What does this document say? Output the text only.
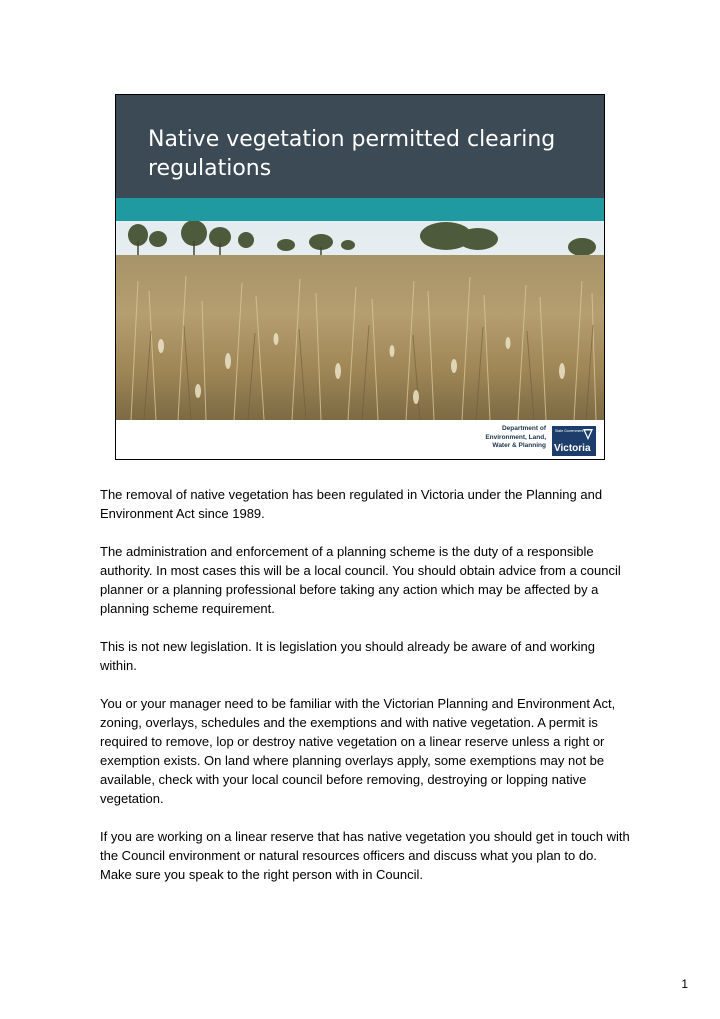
Native vegetation permitted clearing regulations
Department of
Environment, Land,
Water & Planning
State Government
Victoria

The removal of native vegetation has been regulated in Victoria under the Planning and Environment Act since 1989.

The administration and enforcement of a planning scheme is the duty of a responsible authority. In most cases this will be a local council. You should obtain advice from a council planner or a planning professional before taking any action which may be affected by a planning scheme requirement.

This is not new legislation. It is legislation you should already be aware of and working within.

You or your manager need to be familiar with the Victorian Planning and Environment Act, zoning, overlays, schedules and the exemptions and with native vegetation. A permit is required to remove, lop or destroy native vegetation on a linear reserve unless a right or exemption exists. On land where planning overlays apply, some exemptions may not be available, check with your local council before removing, destroying or lopping native vegetation.

If you are working on a linear reserve that has native vegetation you should get in touch with the Council environment or natural resources officers and discuss what you plan to do. Make sure you speak to the right person with in Council.

1
